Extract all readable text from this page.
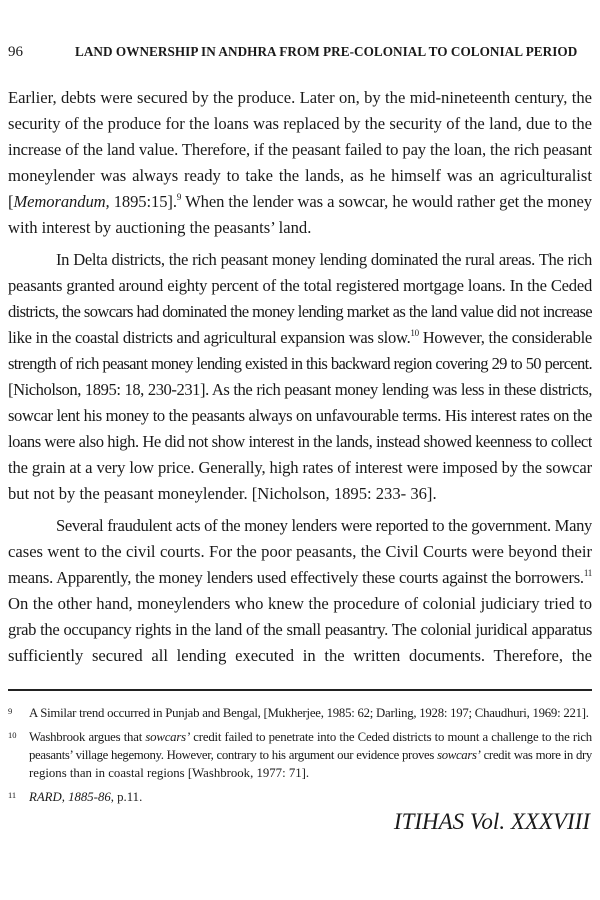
96	LAND OWNERSHIP IN ANDHRA FROM PRE-COLONIAL TO COLONIAL PERIOD
Earlier, debts were secured by the produce. Later on, by the mid-nineteenth century, the
security of the produce for the loans was replaced by the security of the land, due to the
increase of the land value. Therefore, if the peasant failed to pay the loan, the rich peasant
moneylender was always ready to take the lands, as he himself was an agriculturalist
[Memorandum, 1895:15].$^9$ When the lender was a sowcar, he would rather get the money
with interest by auctioning the peasants’ land.
In Delta districts, the rich peasant money lending dominated the rural areas. The rich
peasants granted around eighty percent of the total registered mortgage loans. In the Ceded
districts, the sowcars had dominated the money lending market as the land value did not increase
like in the coastal districts and agricultural expansion was slow.$^{10}$ However, the considerable
strength of rich peasant money lending existed in this backward region covering 29 to 50 percent.
[Nicholson, 1895: 18, 230-231]. As the rich peasant money lending was less in these districts,
sowcar lent his money to the peasants always on unfavourable terms. His interest rates on the
loans were also high. He did not show interest in the lands, instead showed keenness to collect
the grain at a very low price. Generally, high rates of interest were imposed by the sowcar
but not by the peasant moneylender. [Nicholson, 1895: 233- 36].
Several fraudulent acts of the money lenders were reported to the government. Many
cases went to the civil courts. For the poor peasants, the Civil Courts were beyond their
means. Apparently, the money lenders used effectively these courts against the borrowers.$^{11}$
On the other hand, moneylenders who knew the procedure of colonial judiciary tried to
grab the occupancy rights in the land of the small peasantry. The colonial juridical apparatus
sufficiently secured all lending executed in the written documents. Therefore, the
9 A Similar trend occurred in Punjab and Bengal, [Mukherjee, 1985: 62; Darling, 1928: 197; Chaudhuri, 1969: 221].
10 Washbrook argues that sowcars’ credit failed to penetrate into the Ceded districts to mount a challenge to the rich
peasants’ village hegemony. However, contrary to his argument our evidence proves sowcars’ credit was more in dry
regions than in coastal regions [Washbrook, 1977: 71].
11 RARD, 1885-86, p.11.
ITIHAS Vol. XXXVIII
